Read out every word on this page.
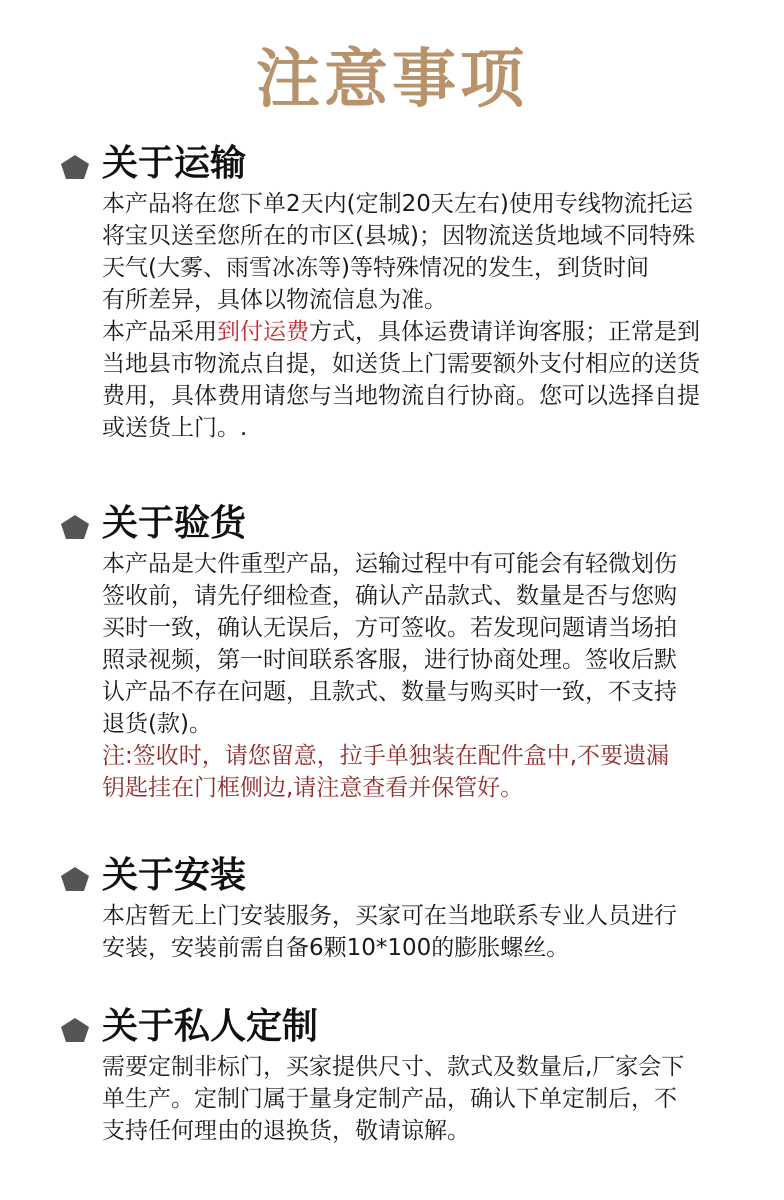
注意事项
关于运输
本产品将在您下单2天内(定制20天左右)使用专线物流托运
将宝贝送至您所在的市区(县城)；因物流送货地域不同特殊
天气(大雾、雨雪冰冻等)等特殊情况的发生，到货时间
有所差异，具体以物流信息为准。
本产品采用到付运费方式，具体运费请详询客服；正常是到
当地县市物流点自提，如送货上门需要额外支付相应的送货
费用，具体费用请您与当地物流自行协商。您可以选择自提
或送货上门。.
关于验货
本产品是大件重型产品，运输过程中有可能会有轻微划伤
签收前，请先仔细检查，确认产品款式、数量是否与您购
买时一致，确认无误后，方可签收。若发现问题请当场拍
照录视频，第一时间联系客服，进行协商处理。签收后默
认产品不存在问题，且款式、数量与购买时一致，不支持
退货(款)。
注:签收时，请您留意，拉手单独装在配件盒中,不要遗漏
钥匙挂在门框侧边,请注意查看并保管好。
关于安装
本店暂无上门安装服务，买家可在当地联系专业人员进行
安装，安装前需自备6颗10*100的膨胀螺丝。
关于私人定制
需要定制非标门，买家提供尺寸、款式及数量后,厂家会下
单生产。定制门属于量身定制产品，确认下单定制后，不
支持任何理由的退换货，敬请谅解。
